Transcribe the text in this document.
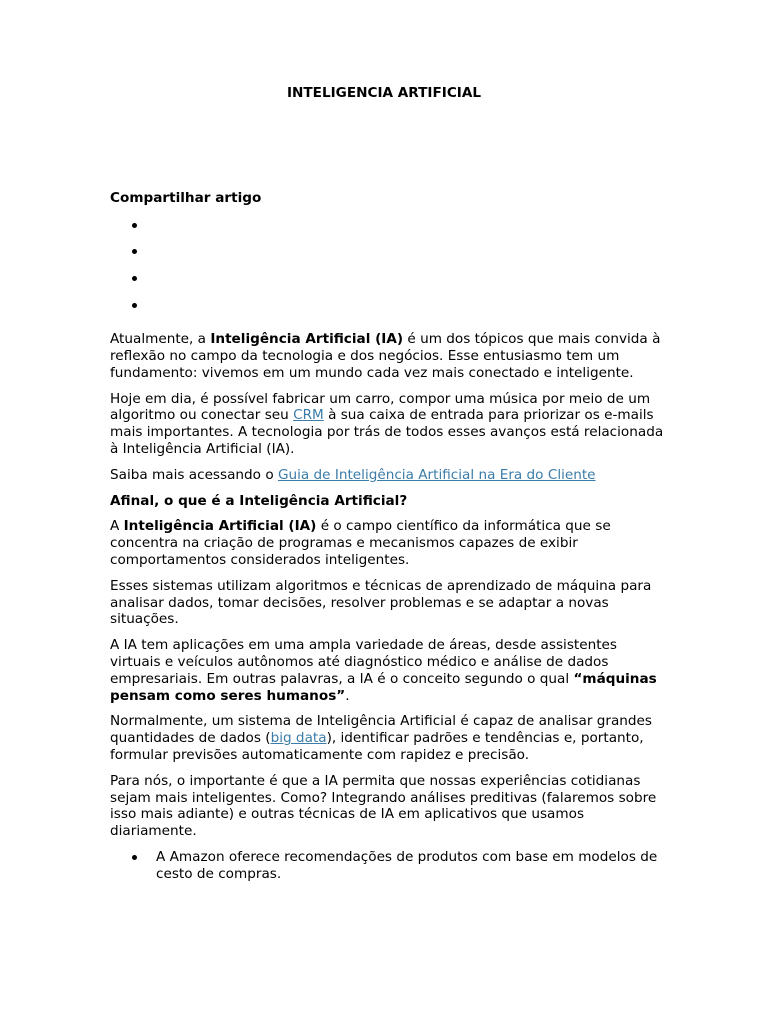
INTELIGENCIA ARTIFICIAL
Compartilhar artigo

Atualmente, a Inteligência Artificial (IA) é um dos tópicos que mais convida à reflexão no campo da tecnologia e dos negócios. Esse entusiasmo tem um fundamento: vivemos em um mundo cada vez mais conectado e inteligente.

Hoje em dia, é possível fabricar um carro, compor uma música por meio de um algoritmo ou conectar seu CRM à sua caixa de entrada para priorizar os e-mails mais importantes. A tecnologia por trás de todos esses avanços está relacionada à Inteligência Artificial (IA).

Saiba mais acessando o Guia de Inteligência Artificial na Era do Cliente

Afinal, o que é a Inteligência Artificial?

A Inteligência Artificial (IA) é o campo científico da informática que se concentra na criação de programas e mecanismos capazes de exibir comportamentos considerados inteligentes.

Esses sistemas utilizam algoritmos e técnicas de aprendizado de máquina para analisar dados, tomar decisões, resolver problemas e se adaptar a novas situações.

A IA tem aplicações em uma ampla variedade de áreas, desde assistentes virtuais e veículos autônomos até diagnóstico médico e análise de dados empresariais. Em outras palavras, a IA é o conceito segundo o qual “máquinas pensam como seres humanos”.

Normalmente, um sistema de Inteligência Artificial é capaz de analisar grandes quantidades de dados (big data), identificar padrões e tendências e, portanto, formular previsões automaticamente com rapidez e precisão.

Para nós, o importante é que a IA permita que nossas experiências cotidianas sejam mais inteligentes. Como? Integrando análises preditivas (falaremos sobre isso mais adiante) e outras técnicas de IA em aplicativos que usamos diariamente.

A Amazon oferece recomendações de produtos com base em modelos de cesto de compras.
